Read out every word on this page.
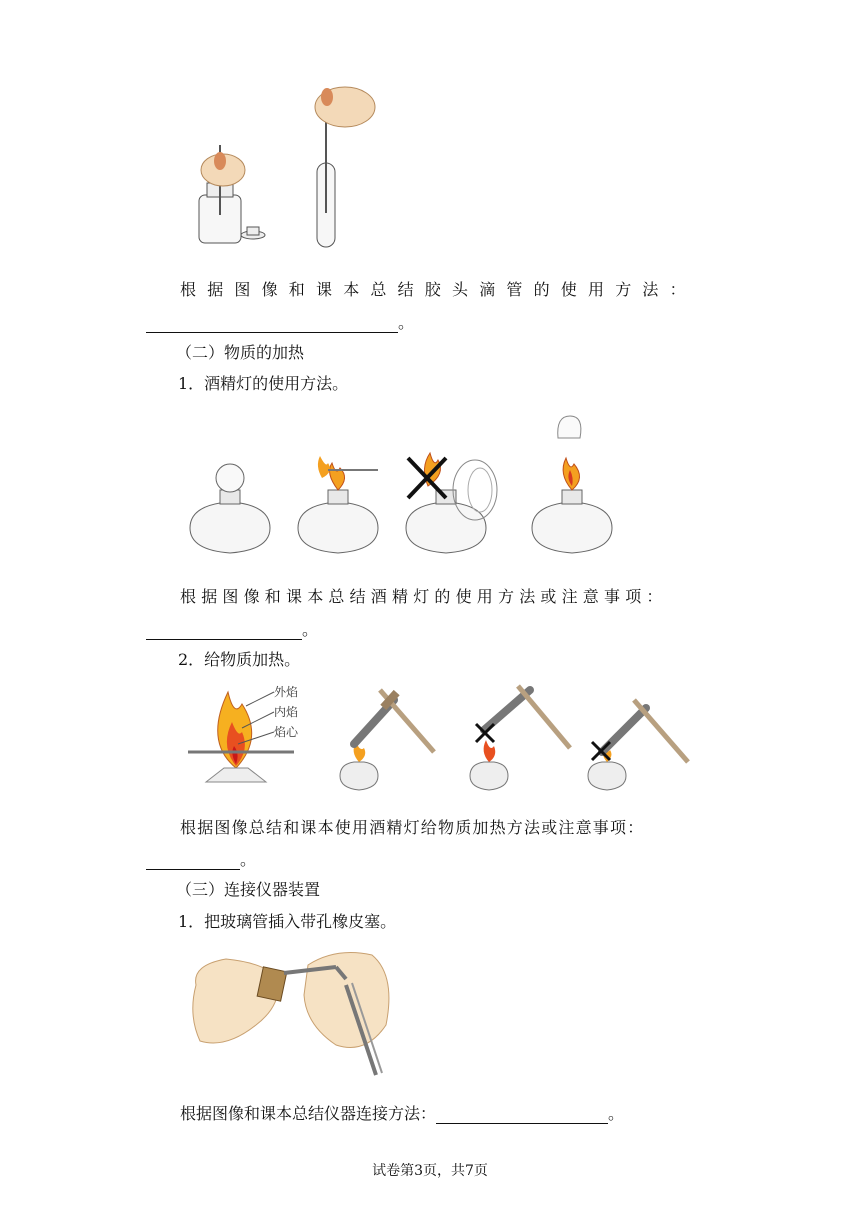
根据图像和课本总结胶头滴管的使用方法：
。
（二）物质的加热
1．酒精灯的使用方法。
根据图像和课本总结酒精灯的使用方法或注意事项：
。
2．给物质加热。
外焰
内焰
焰心
根据图像总结和课本使用酒精灯给物质加热方法或注意事项：
。
（三）连接仪器装置
1．把玻璃管插入带孔橡皮塞。
根据图像和课本总结仪器连接方法：	。
试卷第3页，共7页
